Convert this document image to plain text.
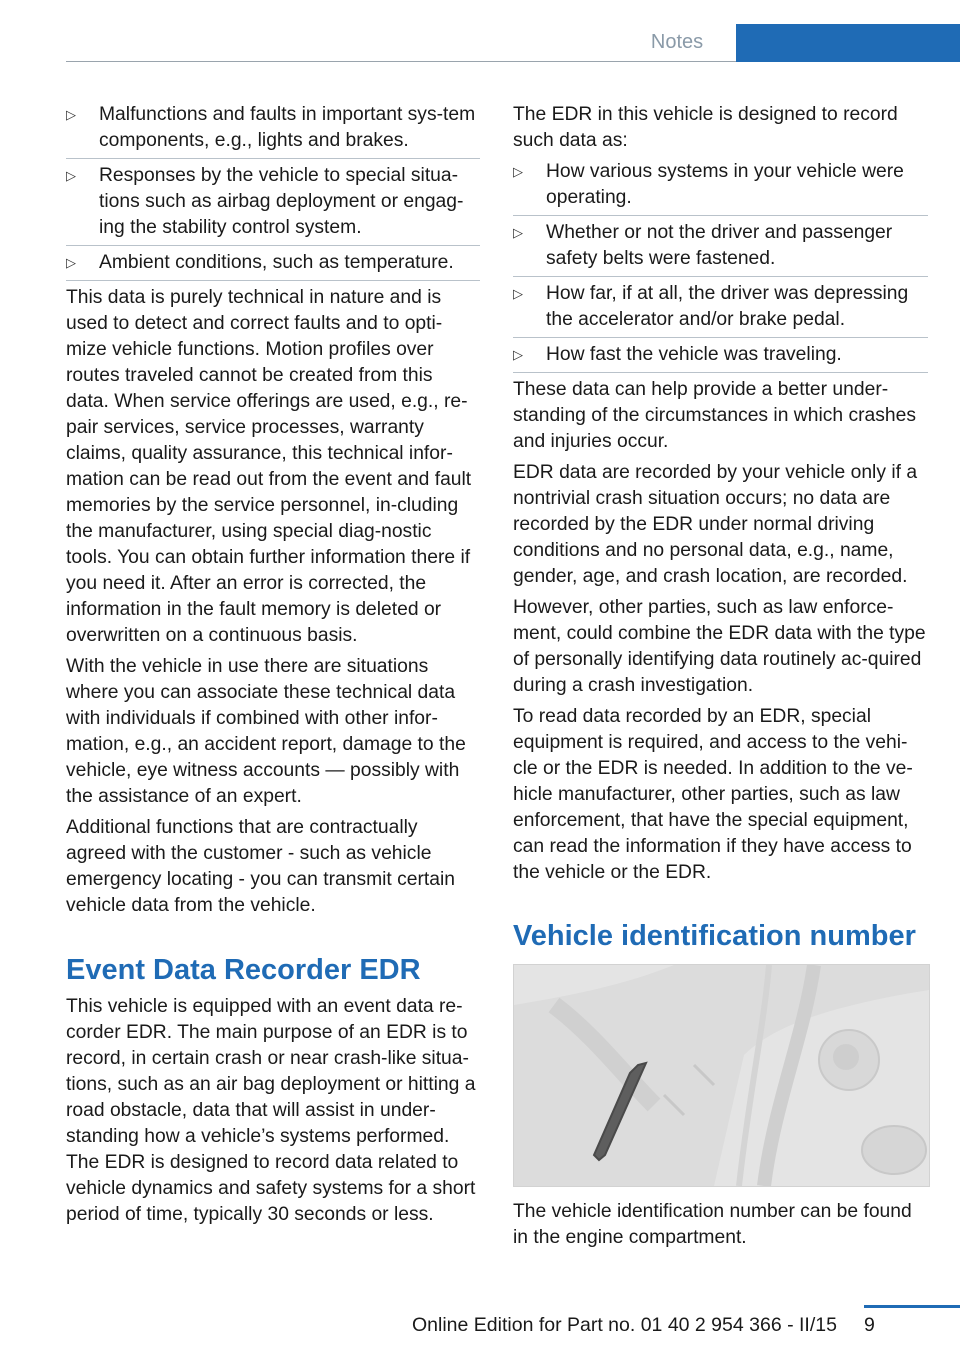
Notes
▷ Malfunctions and faults in important sys‐tem components, e.g., lights and brakes.
▷ Responses by the vehicle to special situa‐tions such as airbag deployment or engag‐ing the stability control system.
▷ Ambient conditions, such as temperature.

This data is purely technical in nature and is used to detect and correct faults and to opti‐mize vehicle functions. Motion profiles over routes traveled cannot be created from this data. When service offerings are used, e.g., re‐pair services, service processes, warranty claims, quality assurance, this technical infor‐mation can be read out from the event and fault memories by the service personnel, in‐cluding the manufacturer, using special diag‐nostic tools. You can obtain further information there if you need it. After an error is corrected, the information in the fault memory is deleted or overwritten on a continuous basis.

With the vehicle in use there are situations where you can associate these technical data with individuals if combined with other infor‐mation, e.g., an accident report, damage to the vehicle, eye witness accounts — possibly with the assistance of an expert.

Additional functions that are contractually agreed with the customer - such as vehicle emergency locating - you can transmit certain vehicle data from the vehicle.

Event Data Recorder EDR

This vehicle is equipped with an event data re‐corder EDR. The main purpose of an EDR is to record, in certain crash or near crash-like situa‐tions, such as an air bag deployment or hitting a road obstacle, data that will assist in under‐standing how a vehicle’s systems performed. The EDR is designed to record data related to vehicle dynamics and safety systems for a short period of time, typically 30 seconds or less.

The EDR in this vehicle is designed to record such data as:

▷ How various systems in your vehicle were operating.
▷ Whether or not the driver and passenger safety belts were fastened.
▷ How far, if at all, the driver was depressing the accelerator and/or brake pedal.
▷ How fast the vehicle was traveling.

These data can help provide a better under‐standing of the circumstances in which crashes and injuries occur.

EDR data are recorded by your vehicle only if a nontrivial crash situation occurs; no data are recorded by the EDR under normal driving conditions and no personal data, e.g., name, gender, age, and crash location, are recorded.

However, other parties, such as law enforce‐ment, could combine the EDR data with the type of personally identifying data routinely ac‐quired during a crash investigation.

To read data recorded by an EDR, special equipment is required, and access to the vehi‐cle or the EDR is needed. In addition to the ve‐hicle manufacturer, other parties, such as law enforcement, that have the special equipment, can read the information if they have access to the vehicle or the EDR.

Vehicle identification number

The vehicle identification number can be found in the engine compartment.

Online Edition for Part no. 01 40 2 954 366 - II/15 9
